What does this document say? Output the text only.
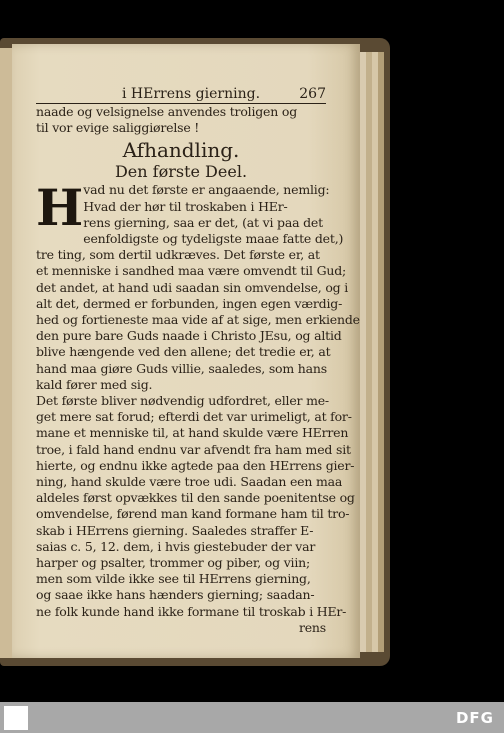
i HErrens gierning.	267
naade og velsignelse anvendes troligen og
til vor evige saliggiørelse !
Afhandling.
Den første Deel.
H vad nu det første er angaaende, nemlig:
Hvad der hør til troskaben i HEr-
rens gierning, saa er det, (at vi paa det
eenfoldigste og tydeligste maae fatte det,)
tre ting, som dertil udkræves. Det første er, at
et menniske i sandhed maa være omvendt til Gud;
det andet, at hand udi saadan sin omvendelse, og i
alt det, dermed er forbunden, ingen egen værdig-
hed og fortieneste maa vide af at sige, men erkiende
den pure bare Guds naade i Christo JEsu, og altid
blive hængende ved den allene; det tredie er, at
hand maa giøre Guds villie, saaledes, som hans
kald fører med sig.
Det første bliver nødvendig udfordret, eller me-
get mere sat forud; efterdi det var urimeligt, at for-
mane et menniske til, at hand skulde være HErren
troe, i fald hand endnu var afvendt fra ham med sit
hierte, og endnu ikke agtede paa den HErrens gier-
ning, hand skulde være troe udi. Saadan een maa
aldeles først opvækkes til den sande poenitentse og
omvendelse, førend man kand formane ham til tro-
skab i HErrens gierning. Saaledes straffer E-
saias c. 5, 12. dem, i hvis giestebuder der var
harper og psalter, trommer og piber, og viin;
men som vilde ikke see til HErrens gierning,
og saae ikke hans hænders gierning; saadan-
ne folk kunde hand ikke formane til troskab i HEr-
rens
DFG
